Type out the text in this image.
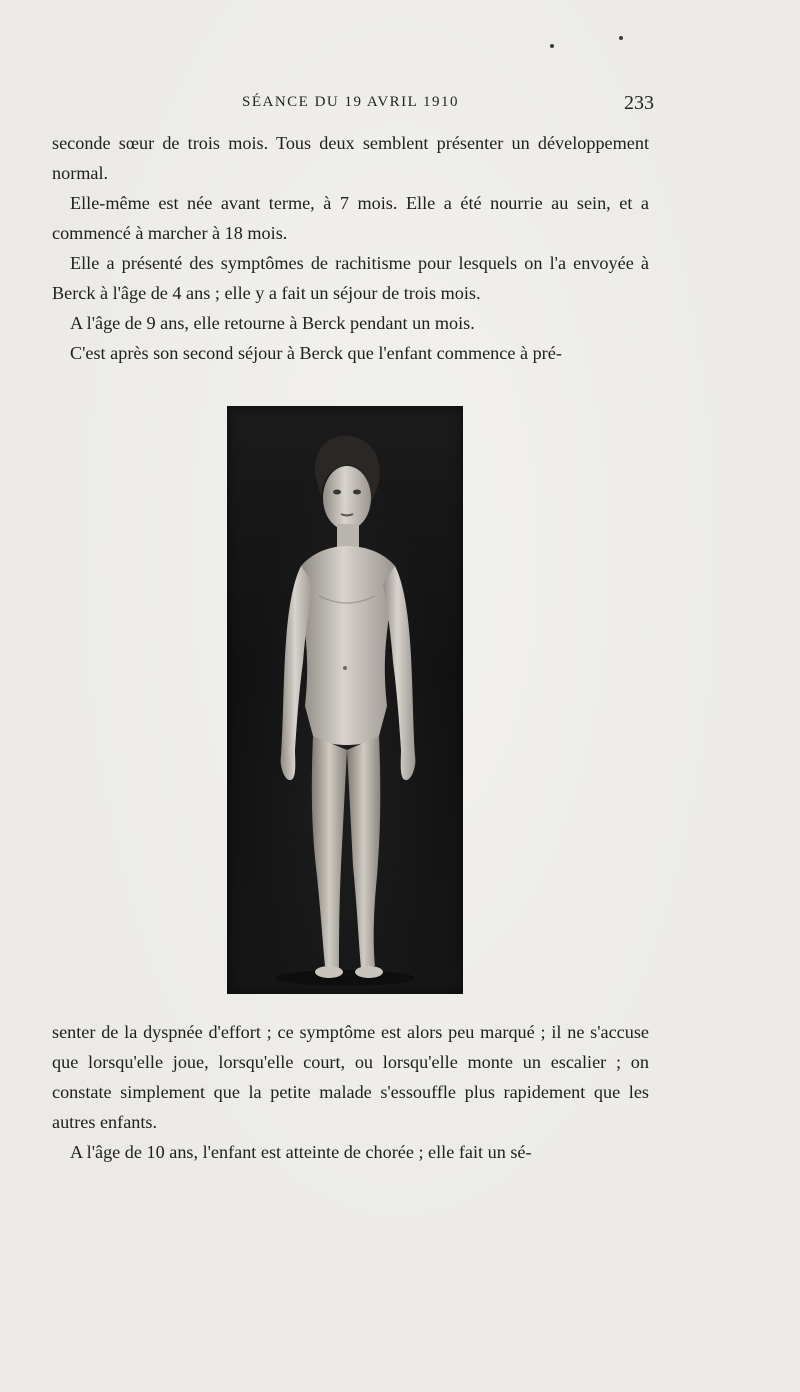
SÉANCE DU 19 AVRIL 1910	233

seconde sœur de trois mois. Tous deux semblent présenter un développement normal.

Elle-même est née avant terme, à 7 mois. Elle a été nourrie au sein, et a commencé à marcher à 18 mois.

Elle a présenté des symptômes de rachitisme pour lesquels on l'a envoyée à Berck à l'âge de 4 ans ; elle y a fait un séjour de trois mois.

A l'âge de 9 ans, elle retourne à Berck pendant un mois.

C'est après son second séjour à Berck que l'enfant commence à pré-

senter de la dyspnée d'effort ; ce symptôme est alors peu marqué ; il ne s'accuse que lorsqu'elle joue, lorsqu'elle court, ou lorsqu'elle monte un escalier ; on constate simplement que la petite malade s'essouffle plus rapidement que les autres enfants.

A l'âge de 10 ans, l'enfant est atteinte de chorée ; elle fait un sé-
